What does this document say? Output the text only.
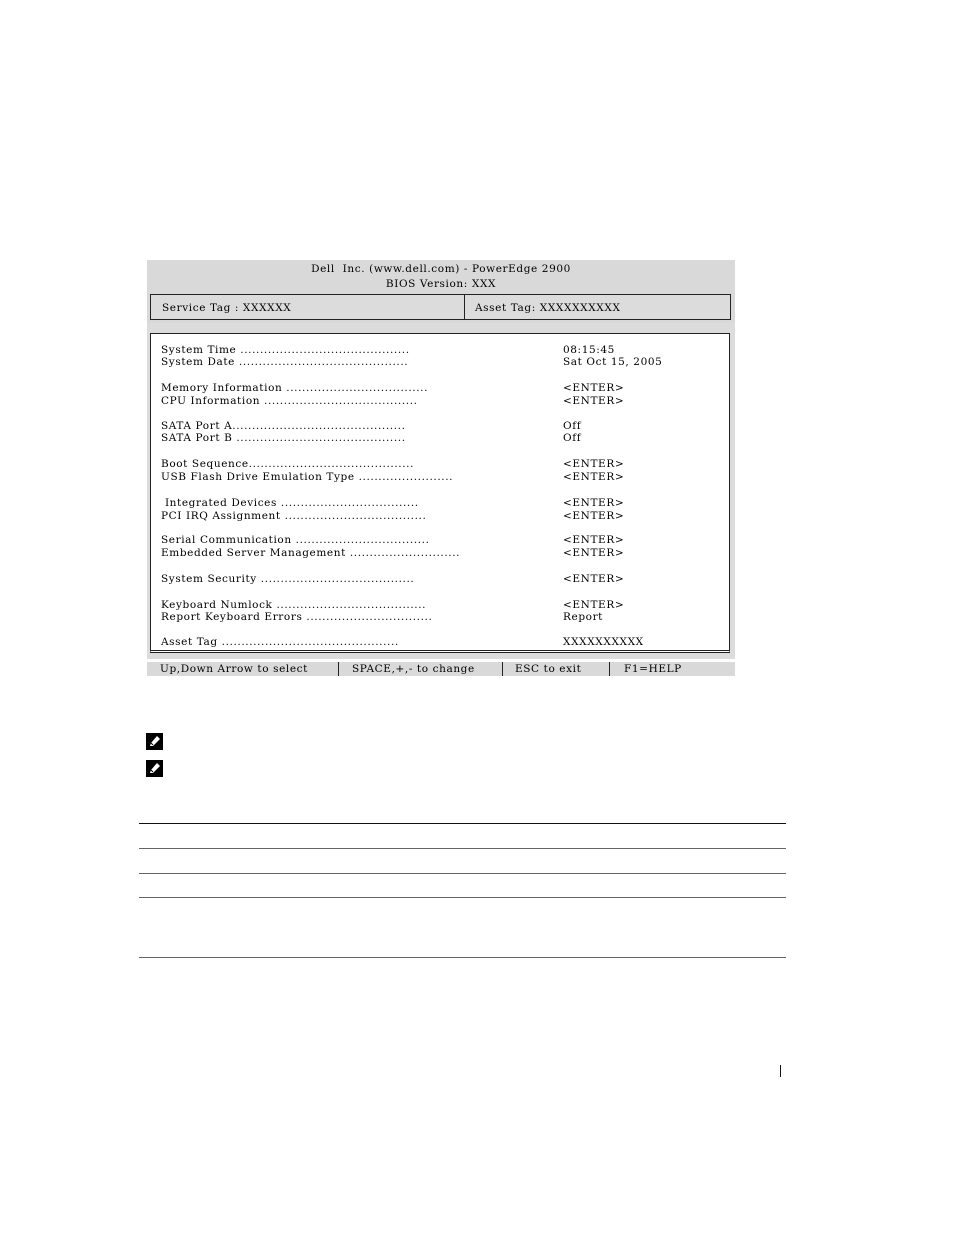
Dell  Inc. (www.dell.com) - PowerEdge 2900
BIOS Version: XXX
Service Tag : XXXXXX	Asset Tag: XXXXXXXXXX
System Time ...........................................	08:15:45
System Date ...........................................	Sat Oct 15, 2005
Memory Information ....................................	<ENTER>
CPU Information .......................................	<ENTER>
SATA Port A............................................	Off
SATA Port B ...........................................	Off
Boot Sequence..........................................	<ENTER>
USB Flash Drive Emulation Type ........................	<ENTER>
Integrated Devices ...................................	<ENTER>
PCI IRQ Assignment ....................................	<ENTER>
Serial Communication ..................................	<ENTER>
Embedded Server Management ............................	<ENTER>
System Security .......................................	<ENTER>
Keyboard Numlock ......................................	<ENTER>
Report Keyboard Errors ................................	Report
Asset Tag .............................................	XXXXXXXXXX

Up,Down Arrow to select

	SPACE,+,- to change

	ESC to exit

	F1=HELP
